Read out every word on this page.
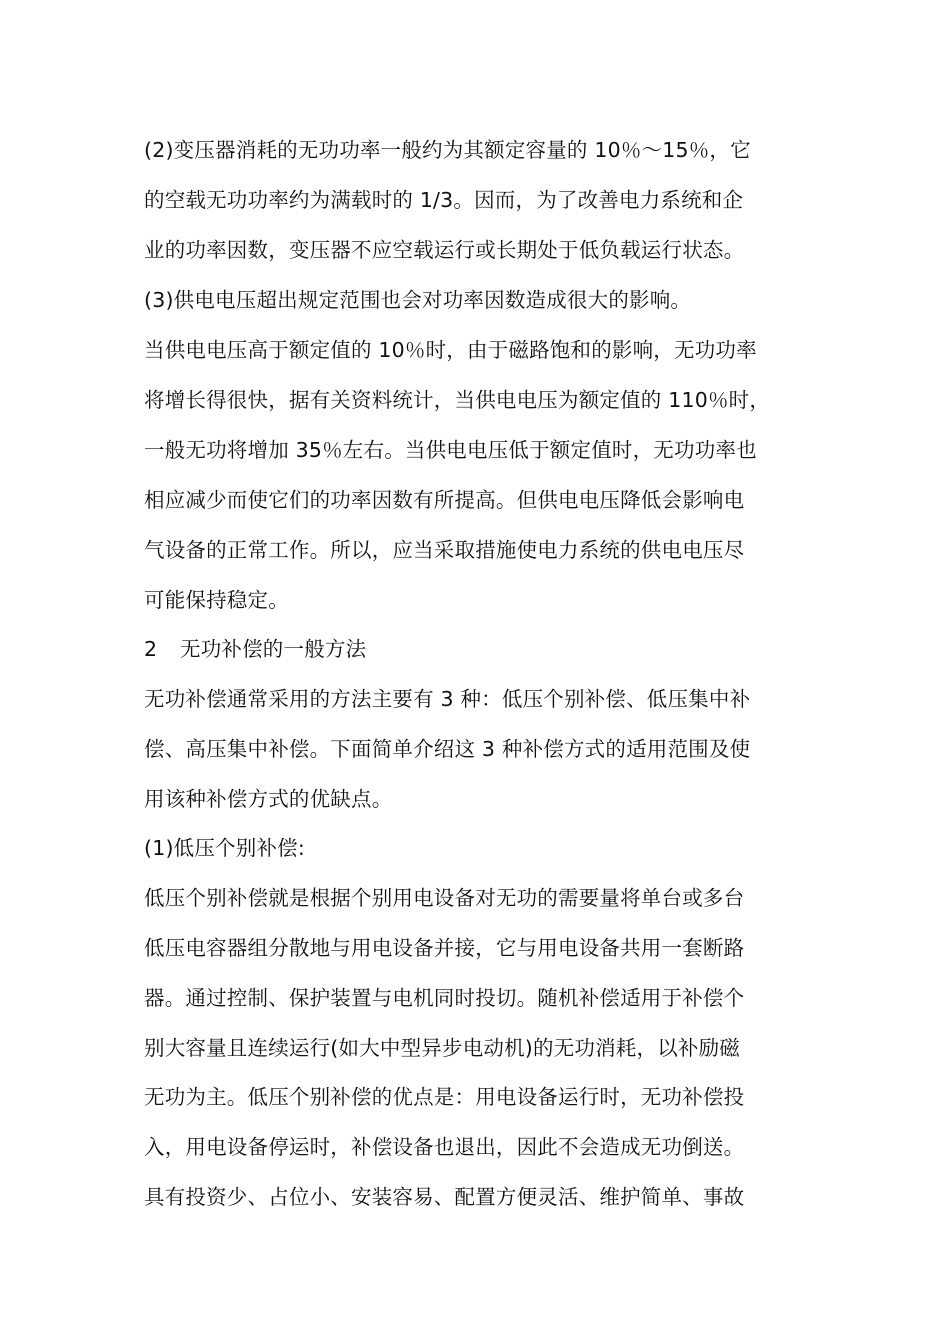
(2)变压器消耗的无功功率一般约为其额定容量的 10％～15％，它
的空载无功功率约为满载时的 1/3。因而，为了改善电力系统和企
业的功率因数，变压器不应空载运行或长期处于低负载运行状态。
(3)供电电压超出规定范围也会对功率因数造成很大的影响。
当供电电压高于额定值的 10％时，由于磁路饱和的影响，无功功率
将增长得很快，据有关资料统计，当供电电压为额定值的 110％时，
一般无功将增加 35％左右。当供电电压低于额定值时，无功功率也
相应减少而使它们的功率因数有所提高。但供电电压降低会影响电
气设备的正常工作。所以，应当采取措施使电力系统的供电电压尽
可能保持稳定。
2 无功补偿的一般方法
无功补偿通常采用的方法主要有 3 种：低压个别补偿、低压集中补
偿、高压集中补偿。下面简单介绍这 3 种补偿方式的适用范围及使
用该种补偿方式的优缺点。
(1)低压个别补偿:
低压个别补偿就是根据个别用电设备对无功的需要量将单台或多台
低压电容器组分散地与用电设备并接，它与用电设备共用一套断路
器。通过控制、保护装置与电机同时投切。随机补偿适用于补偿个
别大容量且连续运行(如大中型异步电动机)的无功消耗，以补励磁
无功为主。低压个别补偿的优点是：用电设备运行时，无功补偿投
入，用电设备停运时，补偿设备也退出，因此不会造成无功倒送。
具有投资少、占位小、安装容易、配置方便灵活、维护简单、事故
